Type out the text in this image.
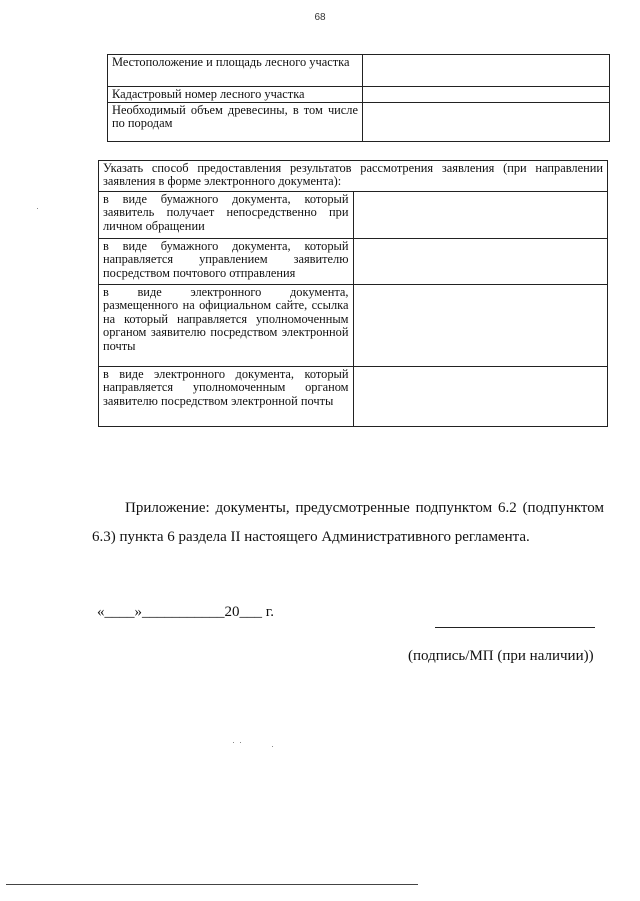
68
Местоположение и площадь лесного участка	
Кадастровый номер лесного участка	
Необходимый объем древесины, в том числе по породам	
Указать способ предоставления результатов рассмотрения заявления (при направлении заявления в форме электронного документа):	
в виде бумажного документа, который заявитель получает непосредственно при личном обращении	
в виде бумажного документа, который направляется управлением заявителю посредством почтового отправления	
в виде электронного документа, размещенного на официальном сайте, ссылка на который направляется уполномоченным органом заявителю посредством электронной почты	
в виде электронного документа, который направляется уполномоченным органом заявителю посредством электронной почты	

Приложение: документы, предусмотренные подпунктом 6.2 (подпунктом 6.3) пункта 6 раздела II настоящего Административного регламента.

«____»___________20___ г.
(подпись/МП (при наличии))
